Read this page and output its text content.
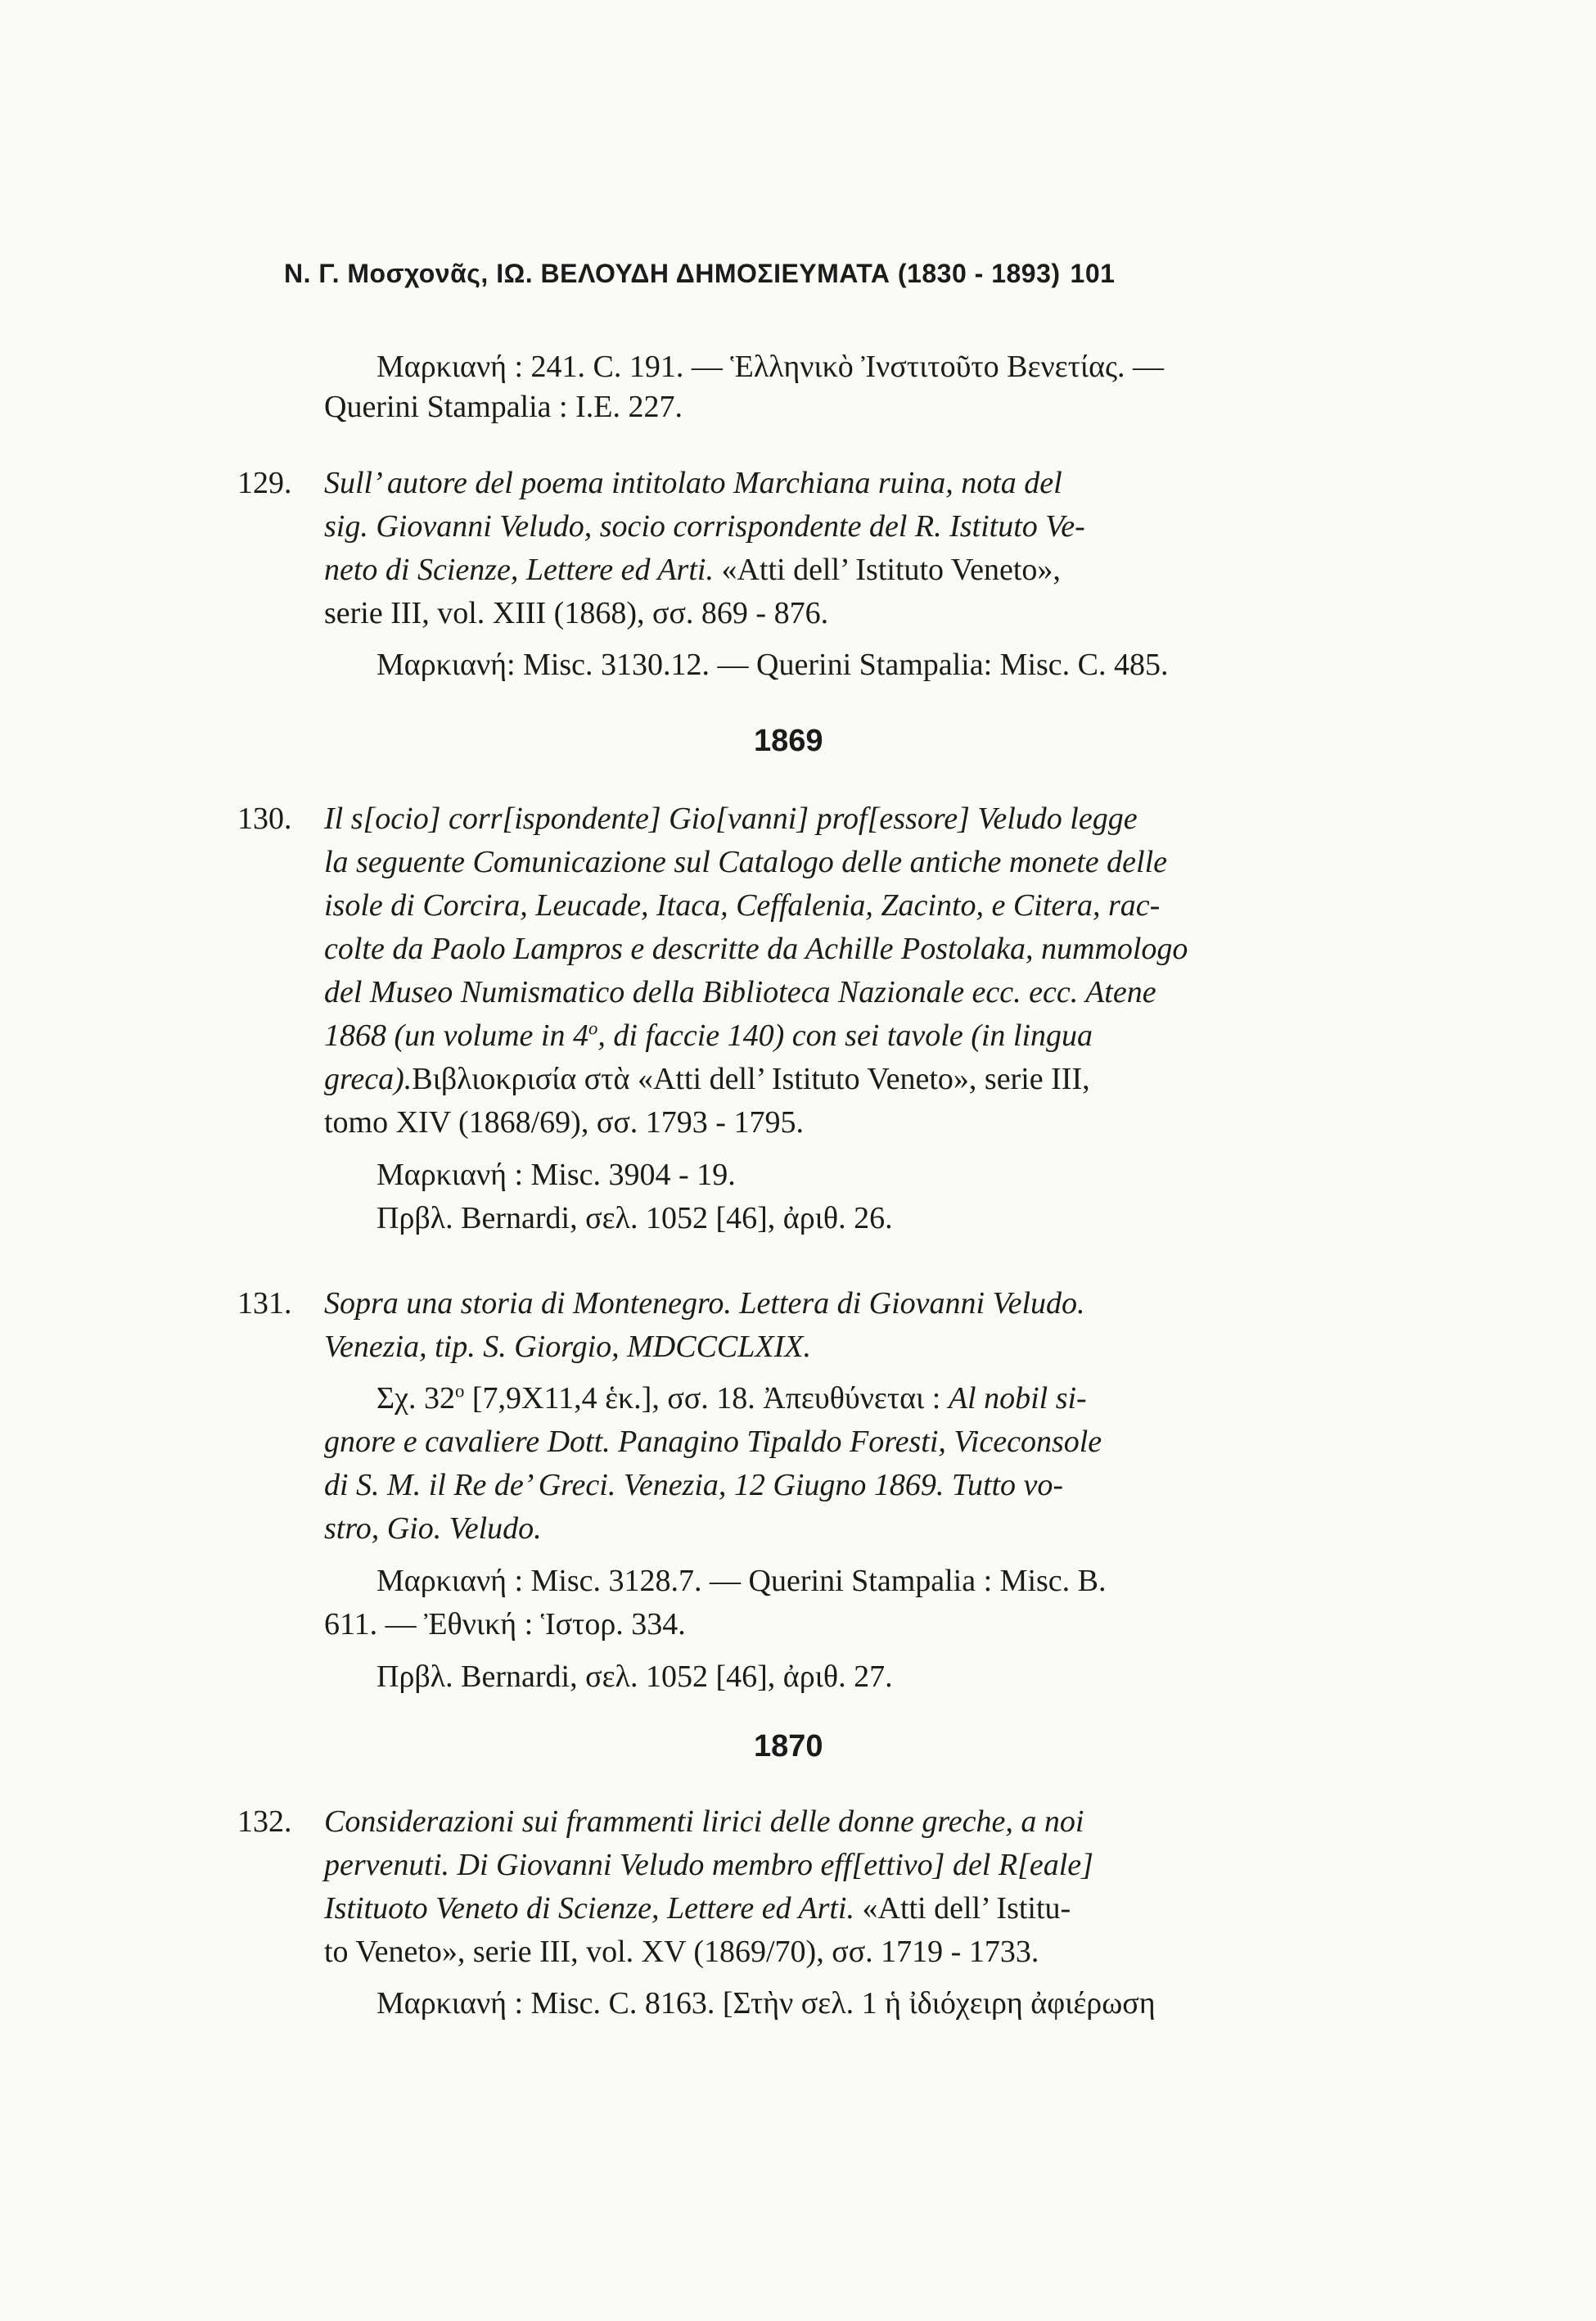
Ν. Γ. Μοσχονᾶς, ΙΩ. ΒΕΛΟΥΔΗ ΔΗΜΟΣΙΕΥΜΑΤΑ (1830 - 1893) 101
Μαρκιανή : 241. C. 191. — Ἑλληνικὸ Ἰνστιτοῦτο Βενετίας. —
Querini Stampalia : I.E. 227.
129. Sull’ autore del poema intitolato Marchiana ruina, nota del
sig. Giovanni Veludo, socio corrispondente del R. Istituto Ve-
neto di Scienze, Lettere ed Arti. «Atti dell’ Istituto Veneto»,
serie III, vol. XIII (1868), σσ. 869 - 876.
Μαρκιανή: Misc. 3130.12. — Querini Stampalia: Misc. C. 485.
1869
130. Il s[ocio] corr[ispondente] Gio[vanni] prof[essore] Veludo legge
la seguente Comunicazione sul Catalogo delle antiche monete delle
isole di Corcira, Leucade, Itaca, Ceffalenia, Zacinto, e Citera, rac-
colte da Paolo Lampros e descritte da Achille Postolaka, nummologo
del Museo Numismatico della Biblioteca Nazionale ecc. ecc. Atene
1868 (un volume in 4$^o$, di faccie 140) con sei tavole (in lingua
greca).Βιβλιοκρισία στὰ «Atti dell’ Istituto Veneto», serie III,
tomo XIV (1868/69), σσ. 1793 - 1795.
Μαρκιανή : Misc. 3904 - 19.
Πρβλ. Bernardi, σελ. 1052 [46], ἀριθ. 26.
131. Sopra una storia di Montenegro. Lettera di Giovanni Veludo.
Venezia, tip. S. Giorgio, MDCCCLXIX.
Σχ. $32^o$ [7,9X11,4 ἑκ.], σσ. 18. Ἀπευθύνεται : Al nobil si-
gnore e cavaliere Dott. Panagino Tipaldo Foresti, Viceconsole
di S. M. il Re de’ Greci. Venezia, 12 Giugno 1869. Tutto vo-
stro, Gio. Veludo.
Μαρκιανή : Misc. 3128.7. — Querini Stampalia : Misc. B.
611. — Ἐθνική : Ἱστορ. 334.
Πρβλ. Bernardi, σελ. 1052 [46], ἀριθ. 27.
1870
132. Considerazioni sui frammenti lirici delle donne greche, a noi
pervenuti. Di Giovanni Veludo membro eff[ettivo] del R[eale]
Istituoto Veneto di Scienze, Lettere ed Arti. «Atti dell’ Istitu-
to Veneto», serie III, vol. XV (1869/70), σσ. 1719 - 1733.
Μαρκιανή : Misc. C. 8163. [Στὴν σελ. 1 ἡ ἰδιόχειρη ἀφιέρωση
